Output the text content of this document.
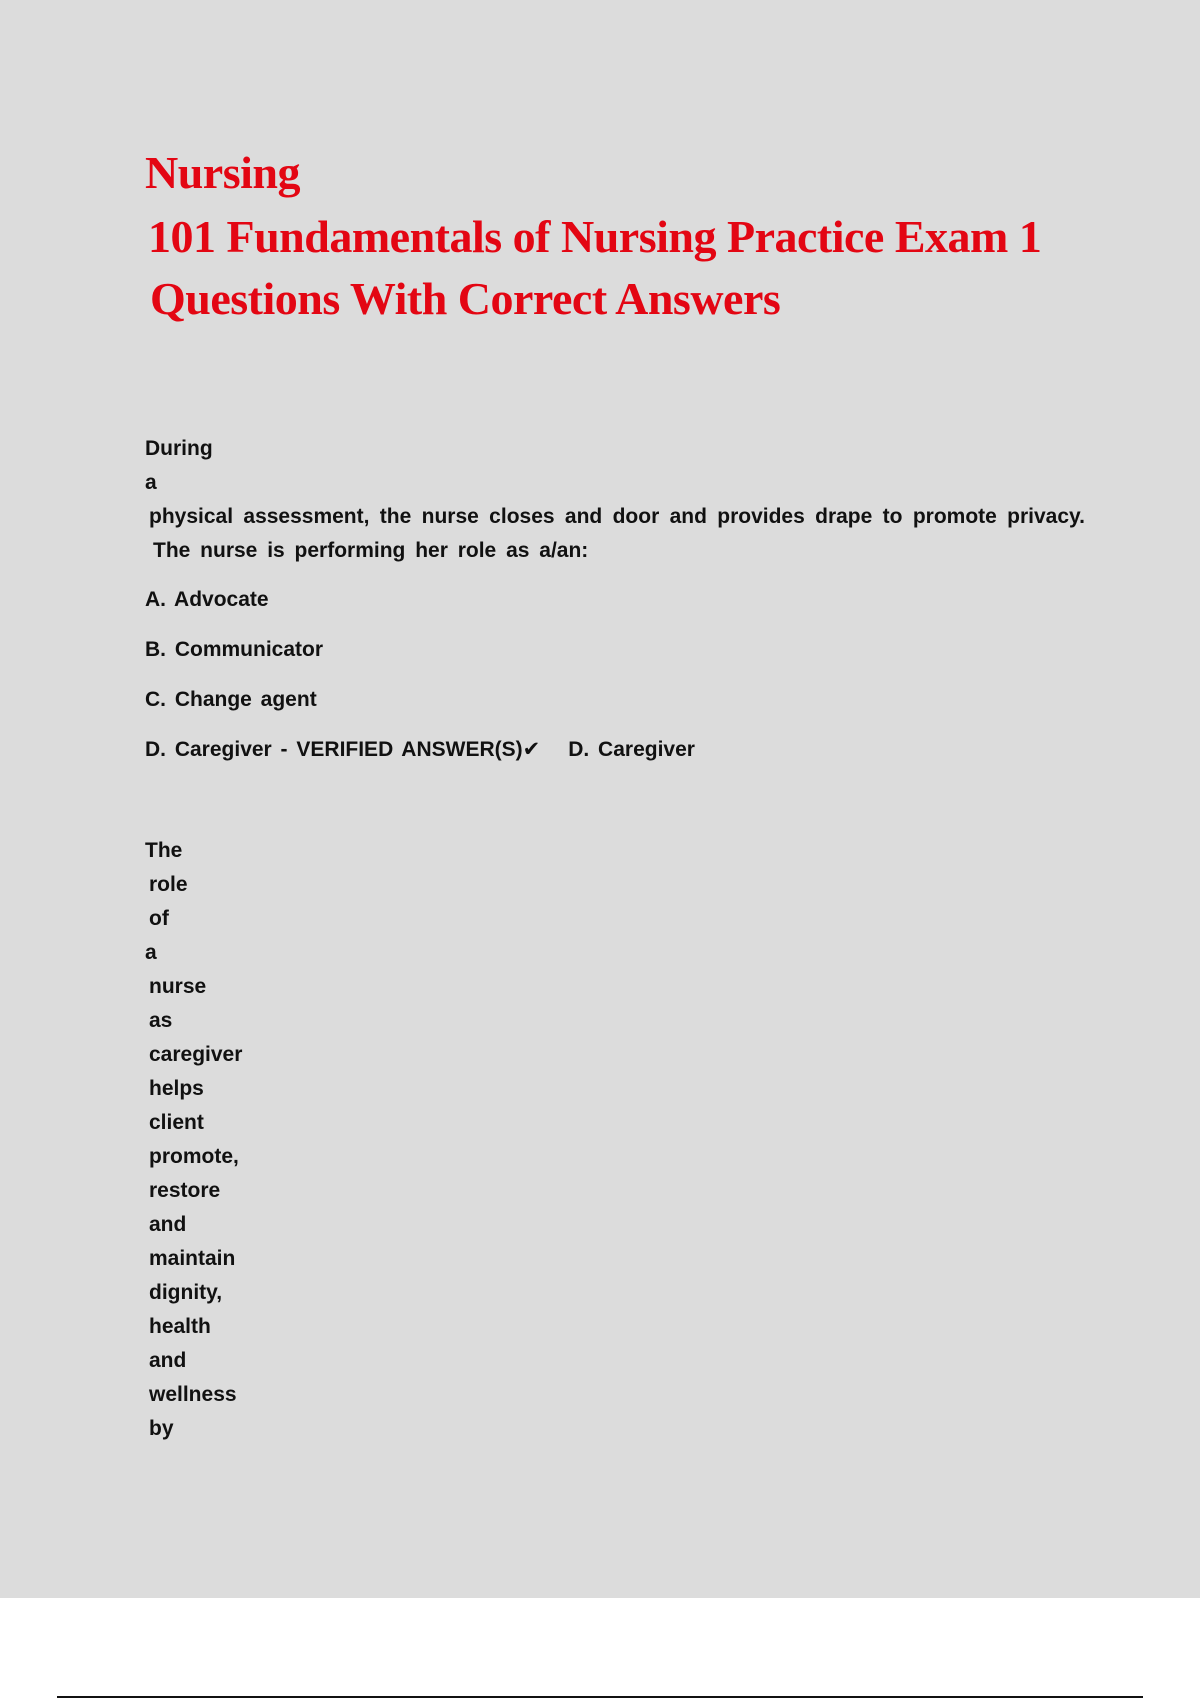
Nursing
101 Fundamentals of Nursing Practice Exam 1
Questions With Correct Answers
During
a
physical assessment, the nurse closes and door and provides drape to promote privacy.
The nurse is performing her role as a/an:
A. Advocate
B. Communicator
C. Change agent
D. Caregiver - VERIFIED ANSWER(S)✔ D. Caregiver
The
role
of
a
nurse
as
caregiver
helps
client
promote,
restore
and
maintain
dignity,
health
and
wellness
by
